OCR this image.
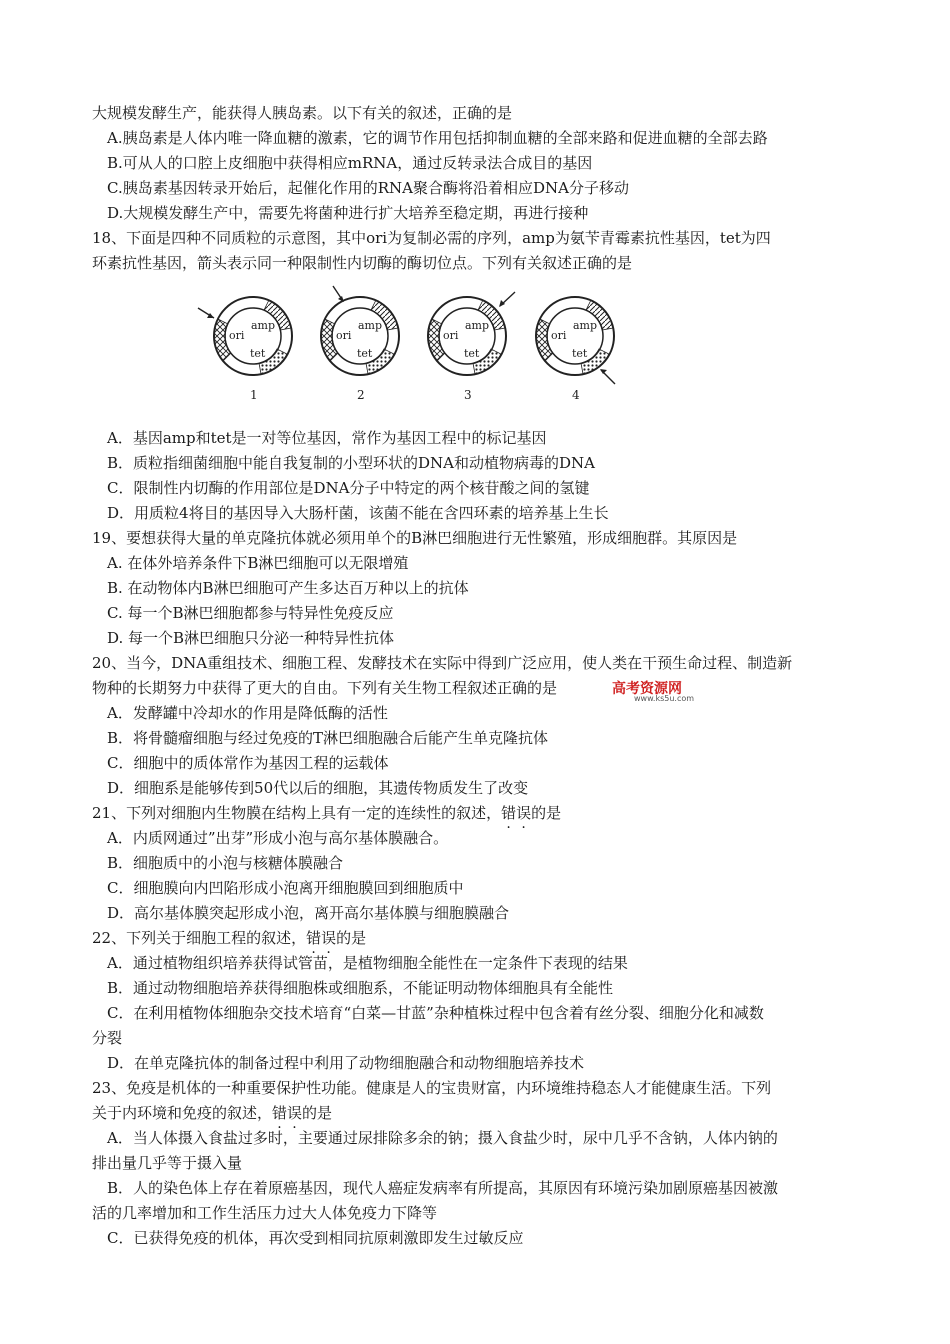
大规模发酵生产，能获得人胰岛素。以下有关的叙述，正确的是
A.胰岛素是人体内唯一降血糖的激素，它的调节作用包括抑制血糖的全部来路和促进血糖的全部去路
B.可从人的口腔上皮细胞中获得相应mRNA，通过反转录法合成目的基因
C.胰岛素基因转录开始后，起催化作用的RNA聚合酶将沿着相应DNA分子移动
D.大规模发酵生产中，需要先将菌种进行扩大培养至稳定期，再进行接种
18、下面是四种不同质粒的示意图，其中ori为复制必需的序列，amp为氨苄青霉素抗性基因，tet为四
环素抗性基因，箭头表示同一种限制性内切酶的酶切位点。下列有关叙述正确的是
amp
ori
tet
amp
ori
tet
amp
ori
tet
amp
ori
tet
1	2	3	4
A．基因amp和tet是一对等位基因，常作为基因工程中的标记基因
B．质粒指细菌细胞中能自我复制的小型环状的DNA和动植物病毒的DNA
C．限制性内切酶的作用部位是DNA分子中特定的两个核苷酸之间的氢键
D．用质粒4将目的基因导入大肠杆菌，该菌不能在含四环素的培养基上生长
19、要想获得大量的单克隆抗体就必须用单个的B淋巴细胞进行无性繁殖，形成细胞群。其原因是
A. 在体外培养条件下B淋巴细胞可以无限增殖
B. 在动物体内B淋巴细胞可产生多达百万种以上的抗体
C. 每一个B淋巴细胞都参与特异性免疫反应
D. 每一个B淋巴细胞只分泌一种特异性抗体
20、当今，DNA重组技术、细胞工程、发酵技术在实际中得到广泛应用，使人类在干预生命过程、制造新
物种的长期努力中获得了更大的自由。下列有关生物工程叙述正确的是	高考资源网
www.ks5u.com
A．发酵罐中冷却水的作用是降低酶的活性
B．将骨髓瘤细胞与经过免疫的T淋巴细胞融合后能产生单克隆抗体
C．细胞中的质体常作为基因工程的运载体
D．细胞系是能够传到50代以后的细胞，其遗传物质发生了改变
21、下列对细胞内生物膜在结构上具有一定的连续性的叙述，错误的是
A．内质网通过”出芽”形成小泡与高尔基体膜融合。
B．细胞质中的小泡与核糖体膜融合
C．细胞膜向内凹陷形成小泡离开细胞膜回到细胞质中
D．高尔基体膜突起形成小泡，离开高尔基体膜与细胞膜融合
22、下列关于细胞工程的叙述，错误的是
A．通过植物组织培养获得试管苗，是植物细胞全能性在一定条件下表现的结果
B．通过动物细胞培养获得细胞株或细胞系，不能证明动物体细胞具有全能性
C．在利用植物体细胞杂交技术培育“白菜—甘蓝”杂种植株过程中包含着有丝分裂、细胞分化和减数
分裂
D．在单克隆抗体的制备过程中利用了动物细胞融合和动物细胞培养技术
23、免疫是机体的一种重要保护性功能。健康是人的宝贵财富，内环境维持稳态人才能健康生活。下列
关于内环境和免疫的叙述，错误的是
A．当人体摄入食盐过多时，主要通过尿排除多余的钠；摄入食盐少时，尿中几乎不含钠，人体内钠的
排出量几乎等于摄入量
B．人的染色体上存在着原癌基因，现代人癌症发病率有所提高，其原因有环境污染加剧原癌基因被激
活的几率增加和工作生活压力过大人体免疫力下降等
C．已获得免疫的机体，再次受到相同抗原刺激即发生过敏反应
